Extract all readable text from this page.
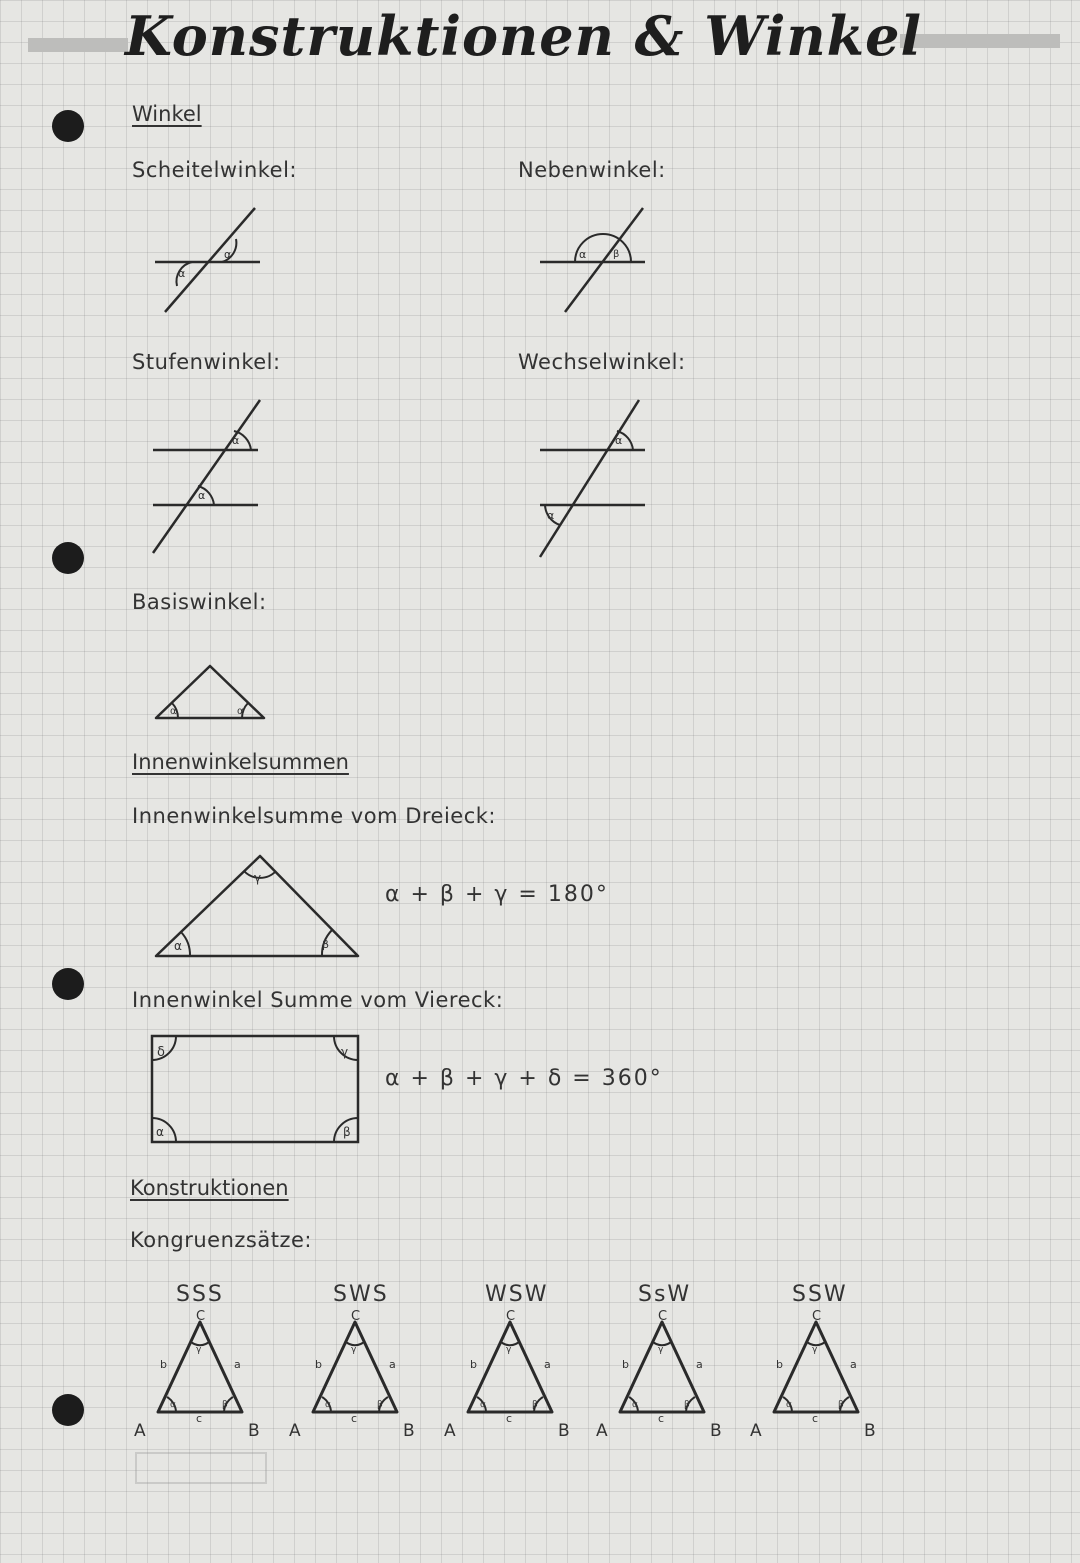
Konstruktionen & Winkel
Winkel
Scheitelwinkel:	Nebenwinkel:
α
α	α	β
Stufenwinkel:	Wechselwinkel:
α
α
α
α
Basiswinkel:
α	α
Innenwinkelsummen
Innenwinkelsumme vom Dreieck:
α	β
γ
α + β + γ = 180°
Innenwinkel Summe vom Viereck:
α	β
γ
δ
α + β + γ + δ = 360°
Konstruktionen
Kongruenzsätze:
SSS	SWS	WSW	SsW	SSW
α	β
γ
C
A	B
b	a
c
α	β
γ
C
A	B
b	a
c
α	β
γ
C
A	B
b	a
c
α	β
γ
C
A	B
b	a
c
α	β
γ
C
A	B
b	a
c
